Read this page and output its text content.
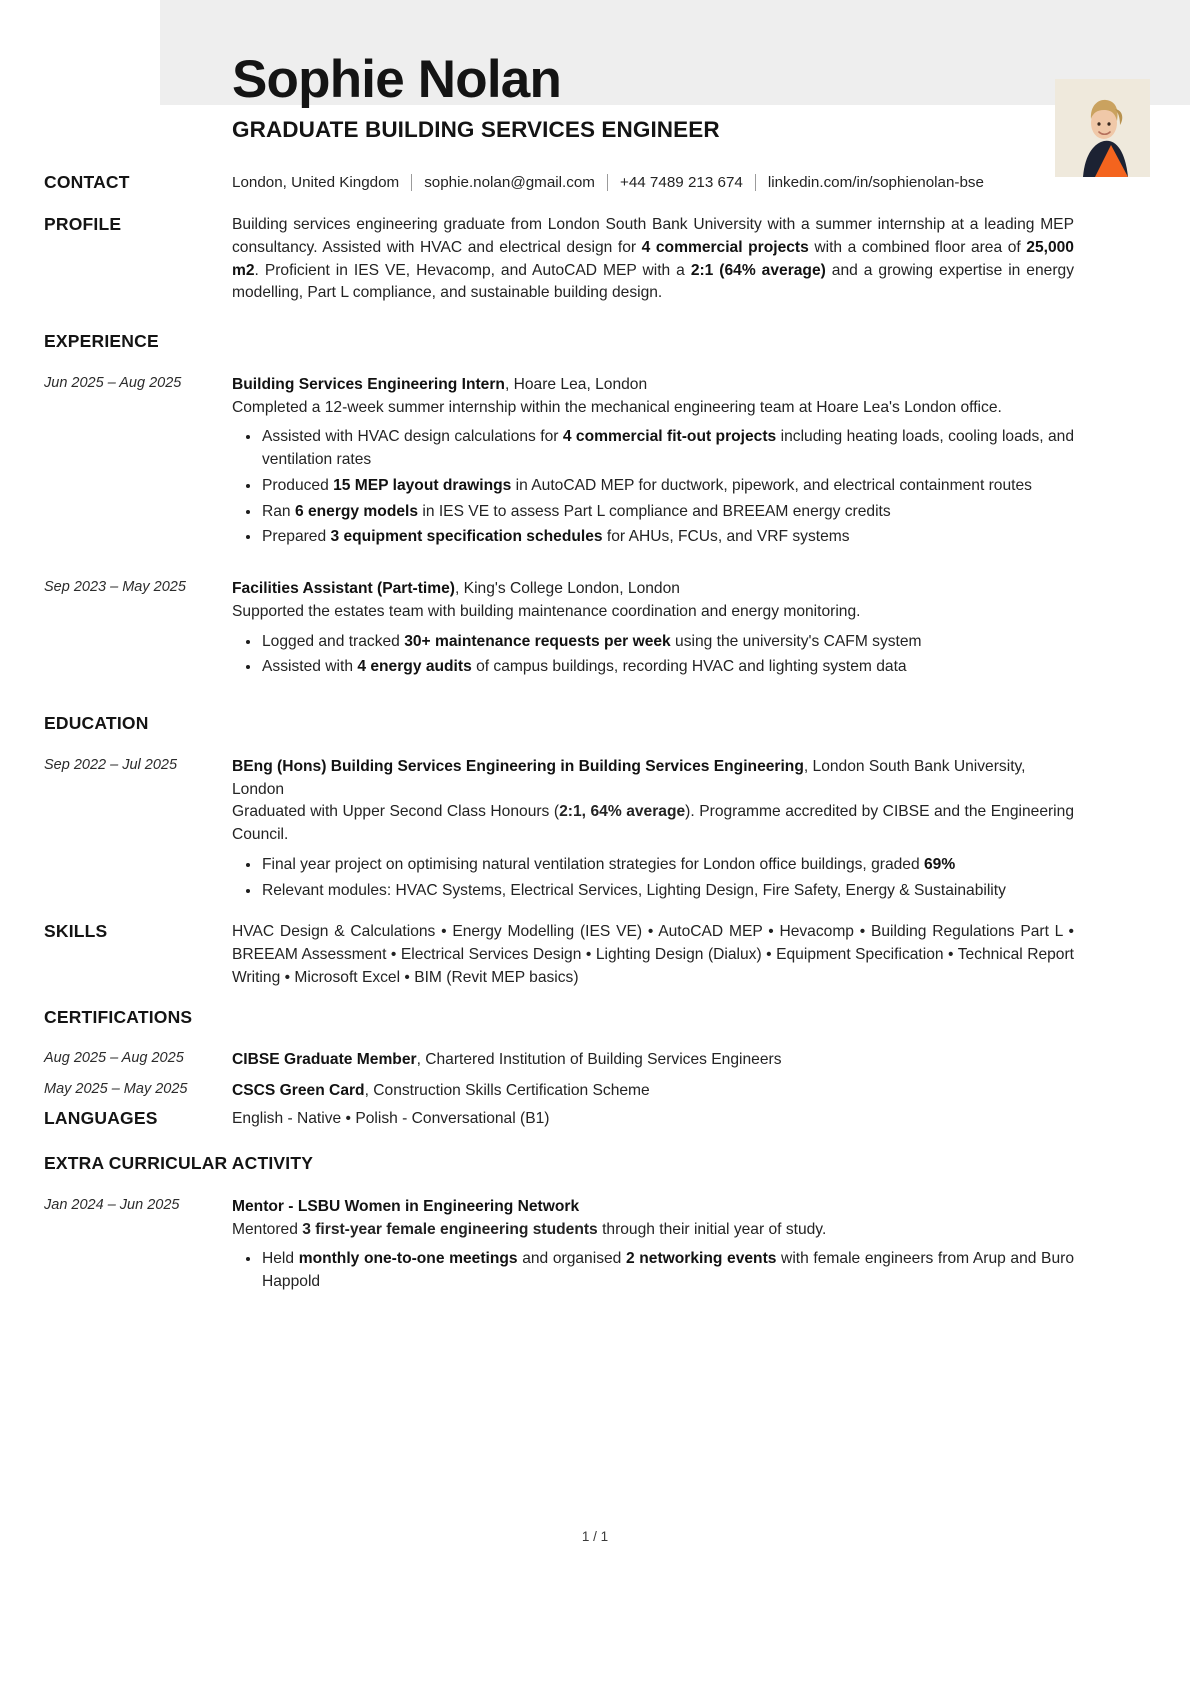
Sophie Nolan
GRADUATE BUILDING SERVICES ENGINEER
CONTACT	London, United Kingdom sophie.nolan@gmail.com +44 7489 213 674 linkedin.com/in/sophienolan-bse
PROFILE	Building services engineering graduate from London South Bank University with a summer internship at a leading MEP consultancy. Assisted with HVAC and electrical design for 4 commercial projects with a combined floor area of 25,000 m2. Proficient in IES VE, Hevacomp, and AutoCAD MEP with a 2:1 (64% average) and a growing expertise in energy modelling, Part L compliance, and sustainable building design.
EXPERIENCE
Jun 2025 – Aug 2025	Building Services Engineering Intern, Hoare Lea, London
Completed a 12-week summer internship within the mechanical engineering team at Hoare Lea's London office.
Assisted with HVAC design calculations for 4 commercial fit-out projects including heating loads, cooling loads, and ventilation rates
Produced 15 MEP layout drawings in AutoCAD MEP for ductwork, pipework, and electrical containment routes
Ran 6 energy models in IES VE to assess Part L compliance and BREEAM energy credits
Prepared 3 equipment specification schedules for AHUs, FCUs, and VRF systems
Sep 2023 – May 2025	Facilities Assistant (Part-time), King's College London, London
Supported the estates team with building maintenance coordination and energy monitoring.
Logged and tracked 30+ maintenance requests per week using the university's CAFM system
Assisted with 4 energy audits of campus buildings, recording HVAC and lighting system data
EDUCATION
Sep 2022 – Jul 2025	BEng (Hons) Building Services Engineering in Building Services Engineering, London South Bank University, London
Graduated with Upper Second Class Honours (2:1, 64% average). Programme accredited by CIBSE and the Engineering Council.
Final year project on optimising natural ventilation strategies for London office buildings, graded 69%
Relevant modules: HVAC Systems, Electrical Services, Lighting Design, Fire Safety, Energy & Sustainability
SKILLS	HVAC Design & Calculations • Energy Modelling (IES VE) • AutoCAD MEP • Hevacomp • Building Regulations Part L • BREEAM Assessment • Electrical Services Design • Lighting Design (Dialux) • Equipment Specification • Technical Report Writing • Microsoft Excel • BIM (Revit MEP basics)
CERTIFICATIONS
Aug 2025 – Aug 2025	CIBSE Graduate Member, Chartered Institution of Building Services Engineers
May 2025 – May 2025	CSCS Green Card, Construction Skills Certification Scheme
LANGUAGES	English - Native • Polish - Conversational (B1)
EXTRA CURRICULAR ACTIVITY
Jan 2024 – Jun 2025	Mentor - LSBU Women in Engineering Network
Mentored 3 first-year female engineering students through their initial year of study.
Held monthly one-to-one meetings and organised 2 networking events with female engineers from Arup and Buro Happold
1 / 1
